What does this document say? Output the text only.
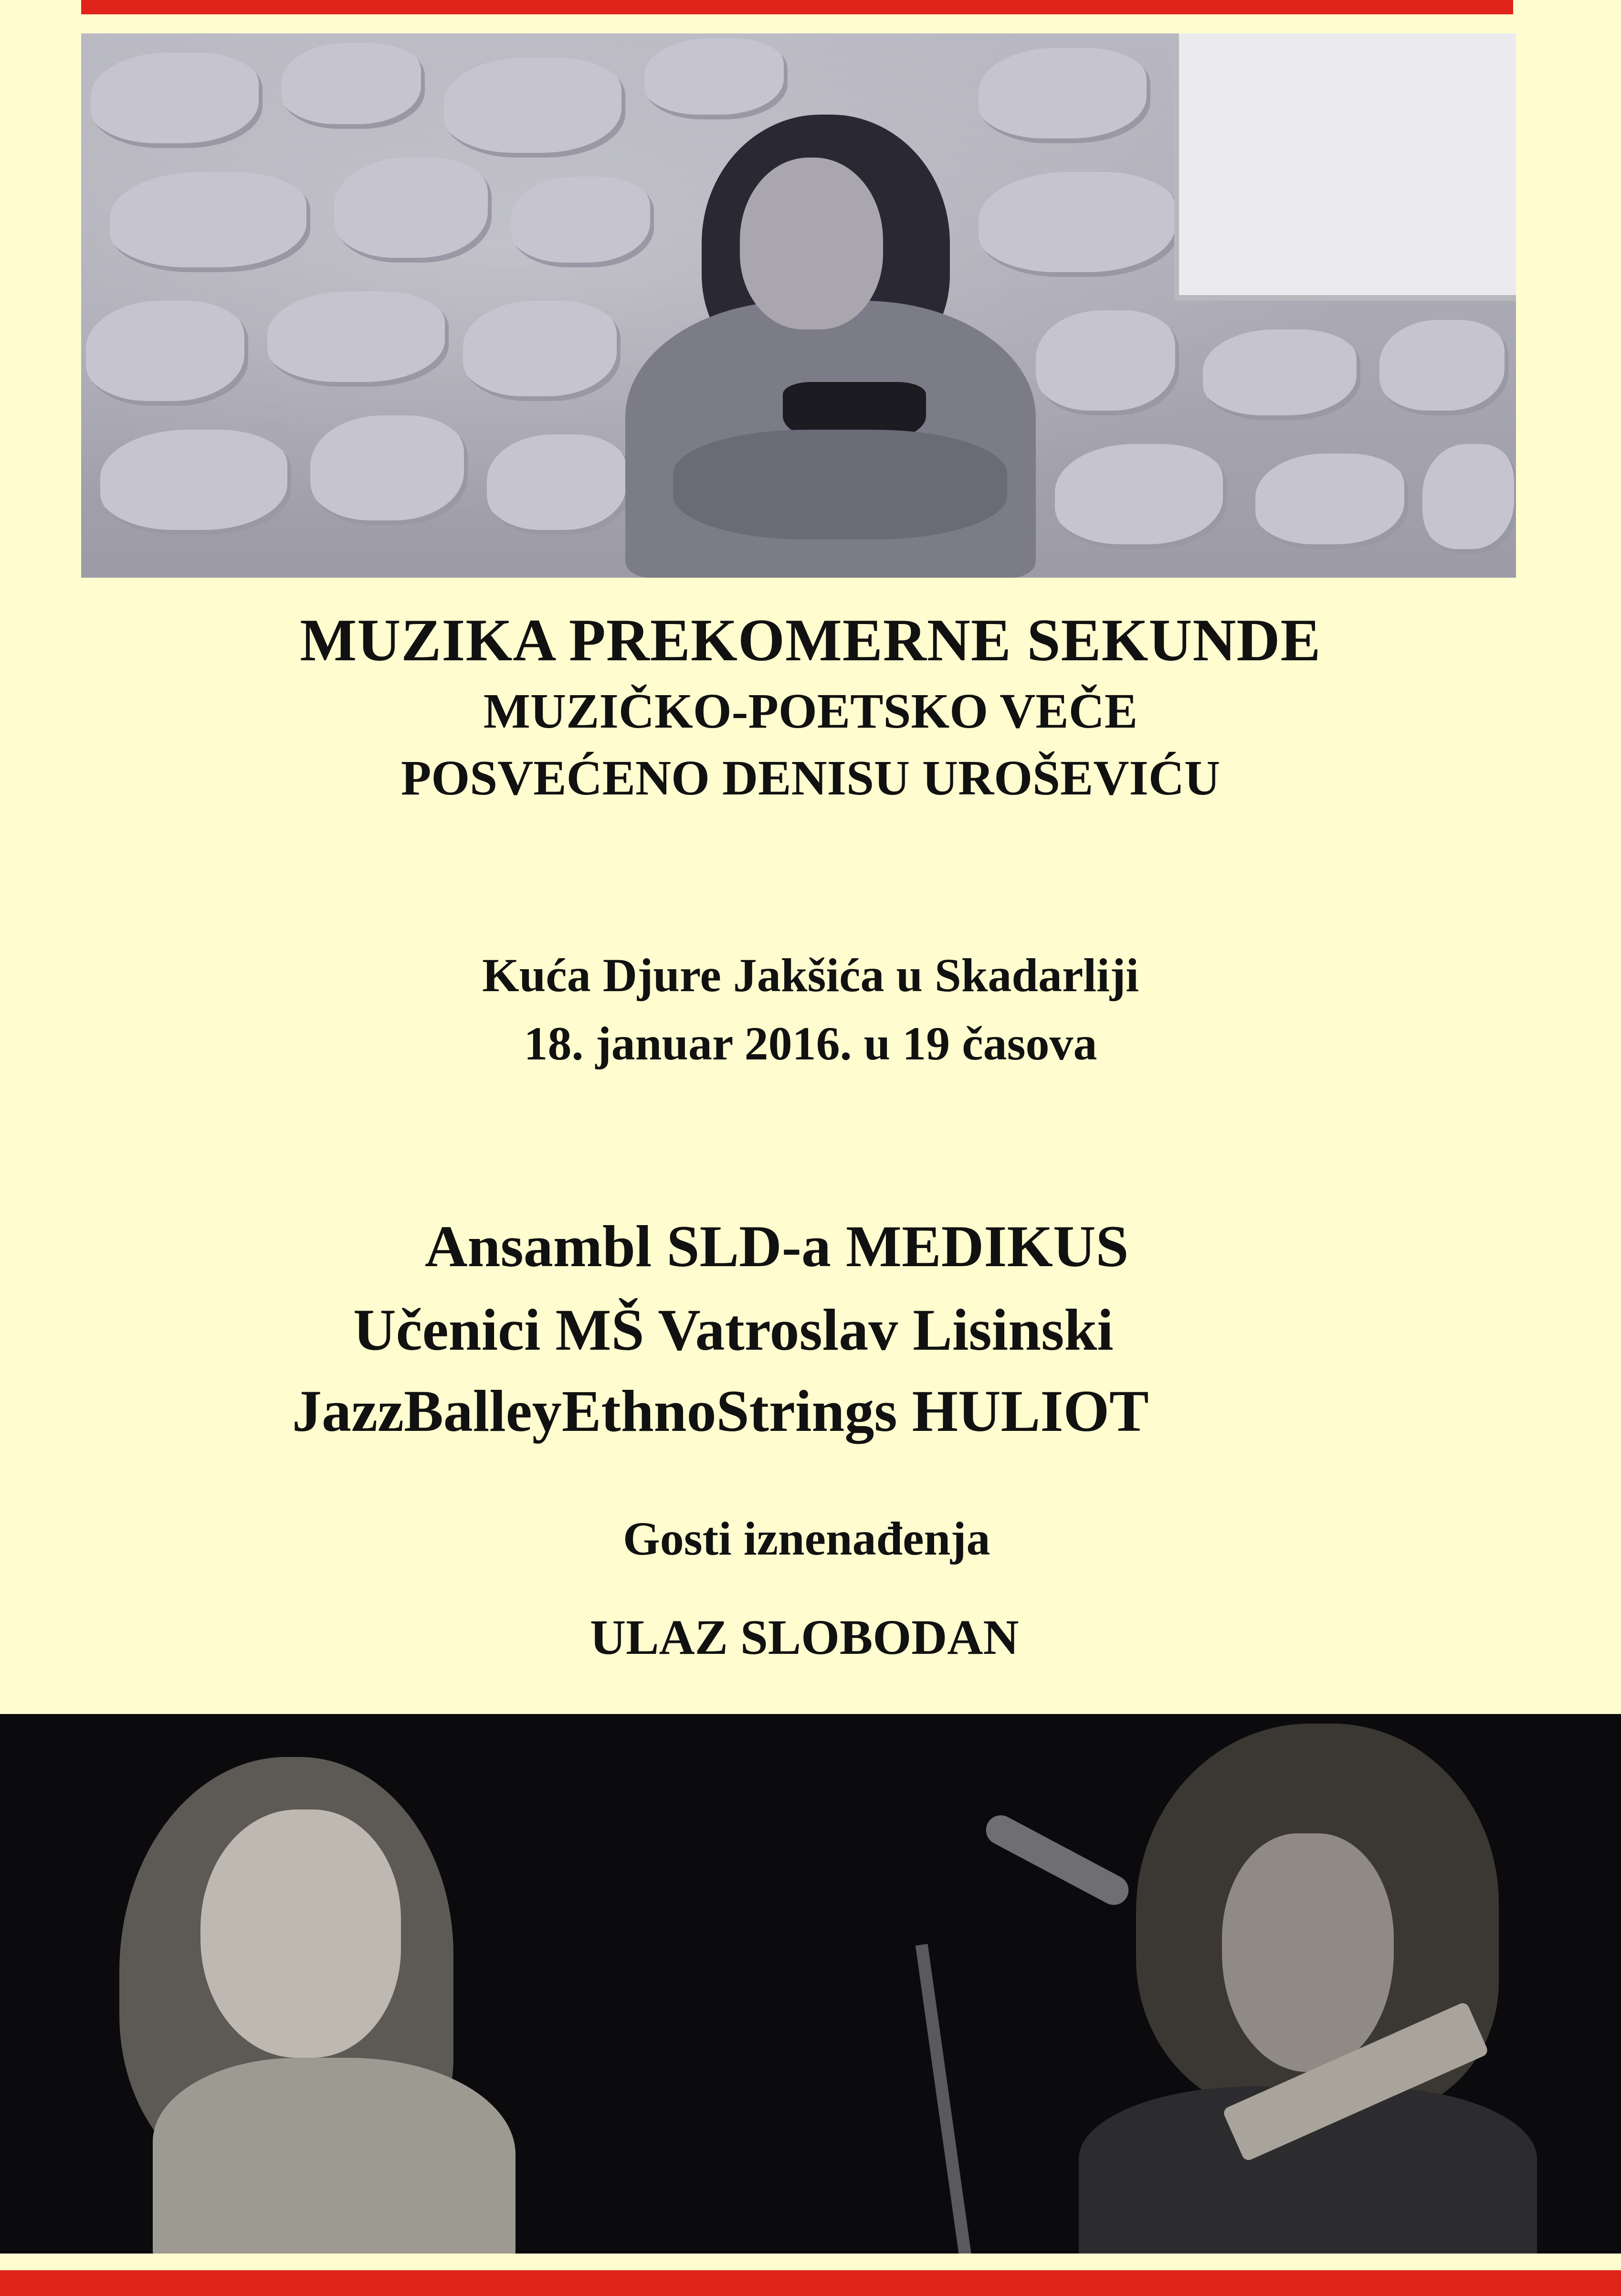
MUZIKA PREKOMERNE SEKUNDE
MUZIČKO-POETSKO VEČE
POSVEĆENO DENISU UROŠEVIĆU
Kuća Djure Jakšića u Skadarliji
18. januar 2016. u 19 časova
Ansambl SLD-a MEDIKUS
Učenici MŠ Vatroslav Lisinski
JazzBalleyEthnoStrings HULIOT
Gosti iznenađenja
ULAZ SLOBODAN
